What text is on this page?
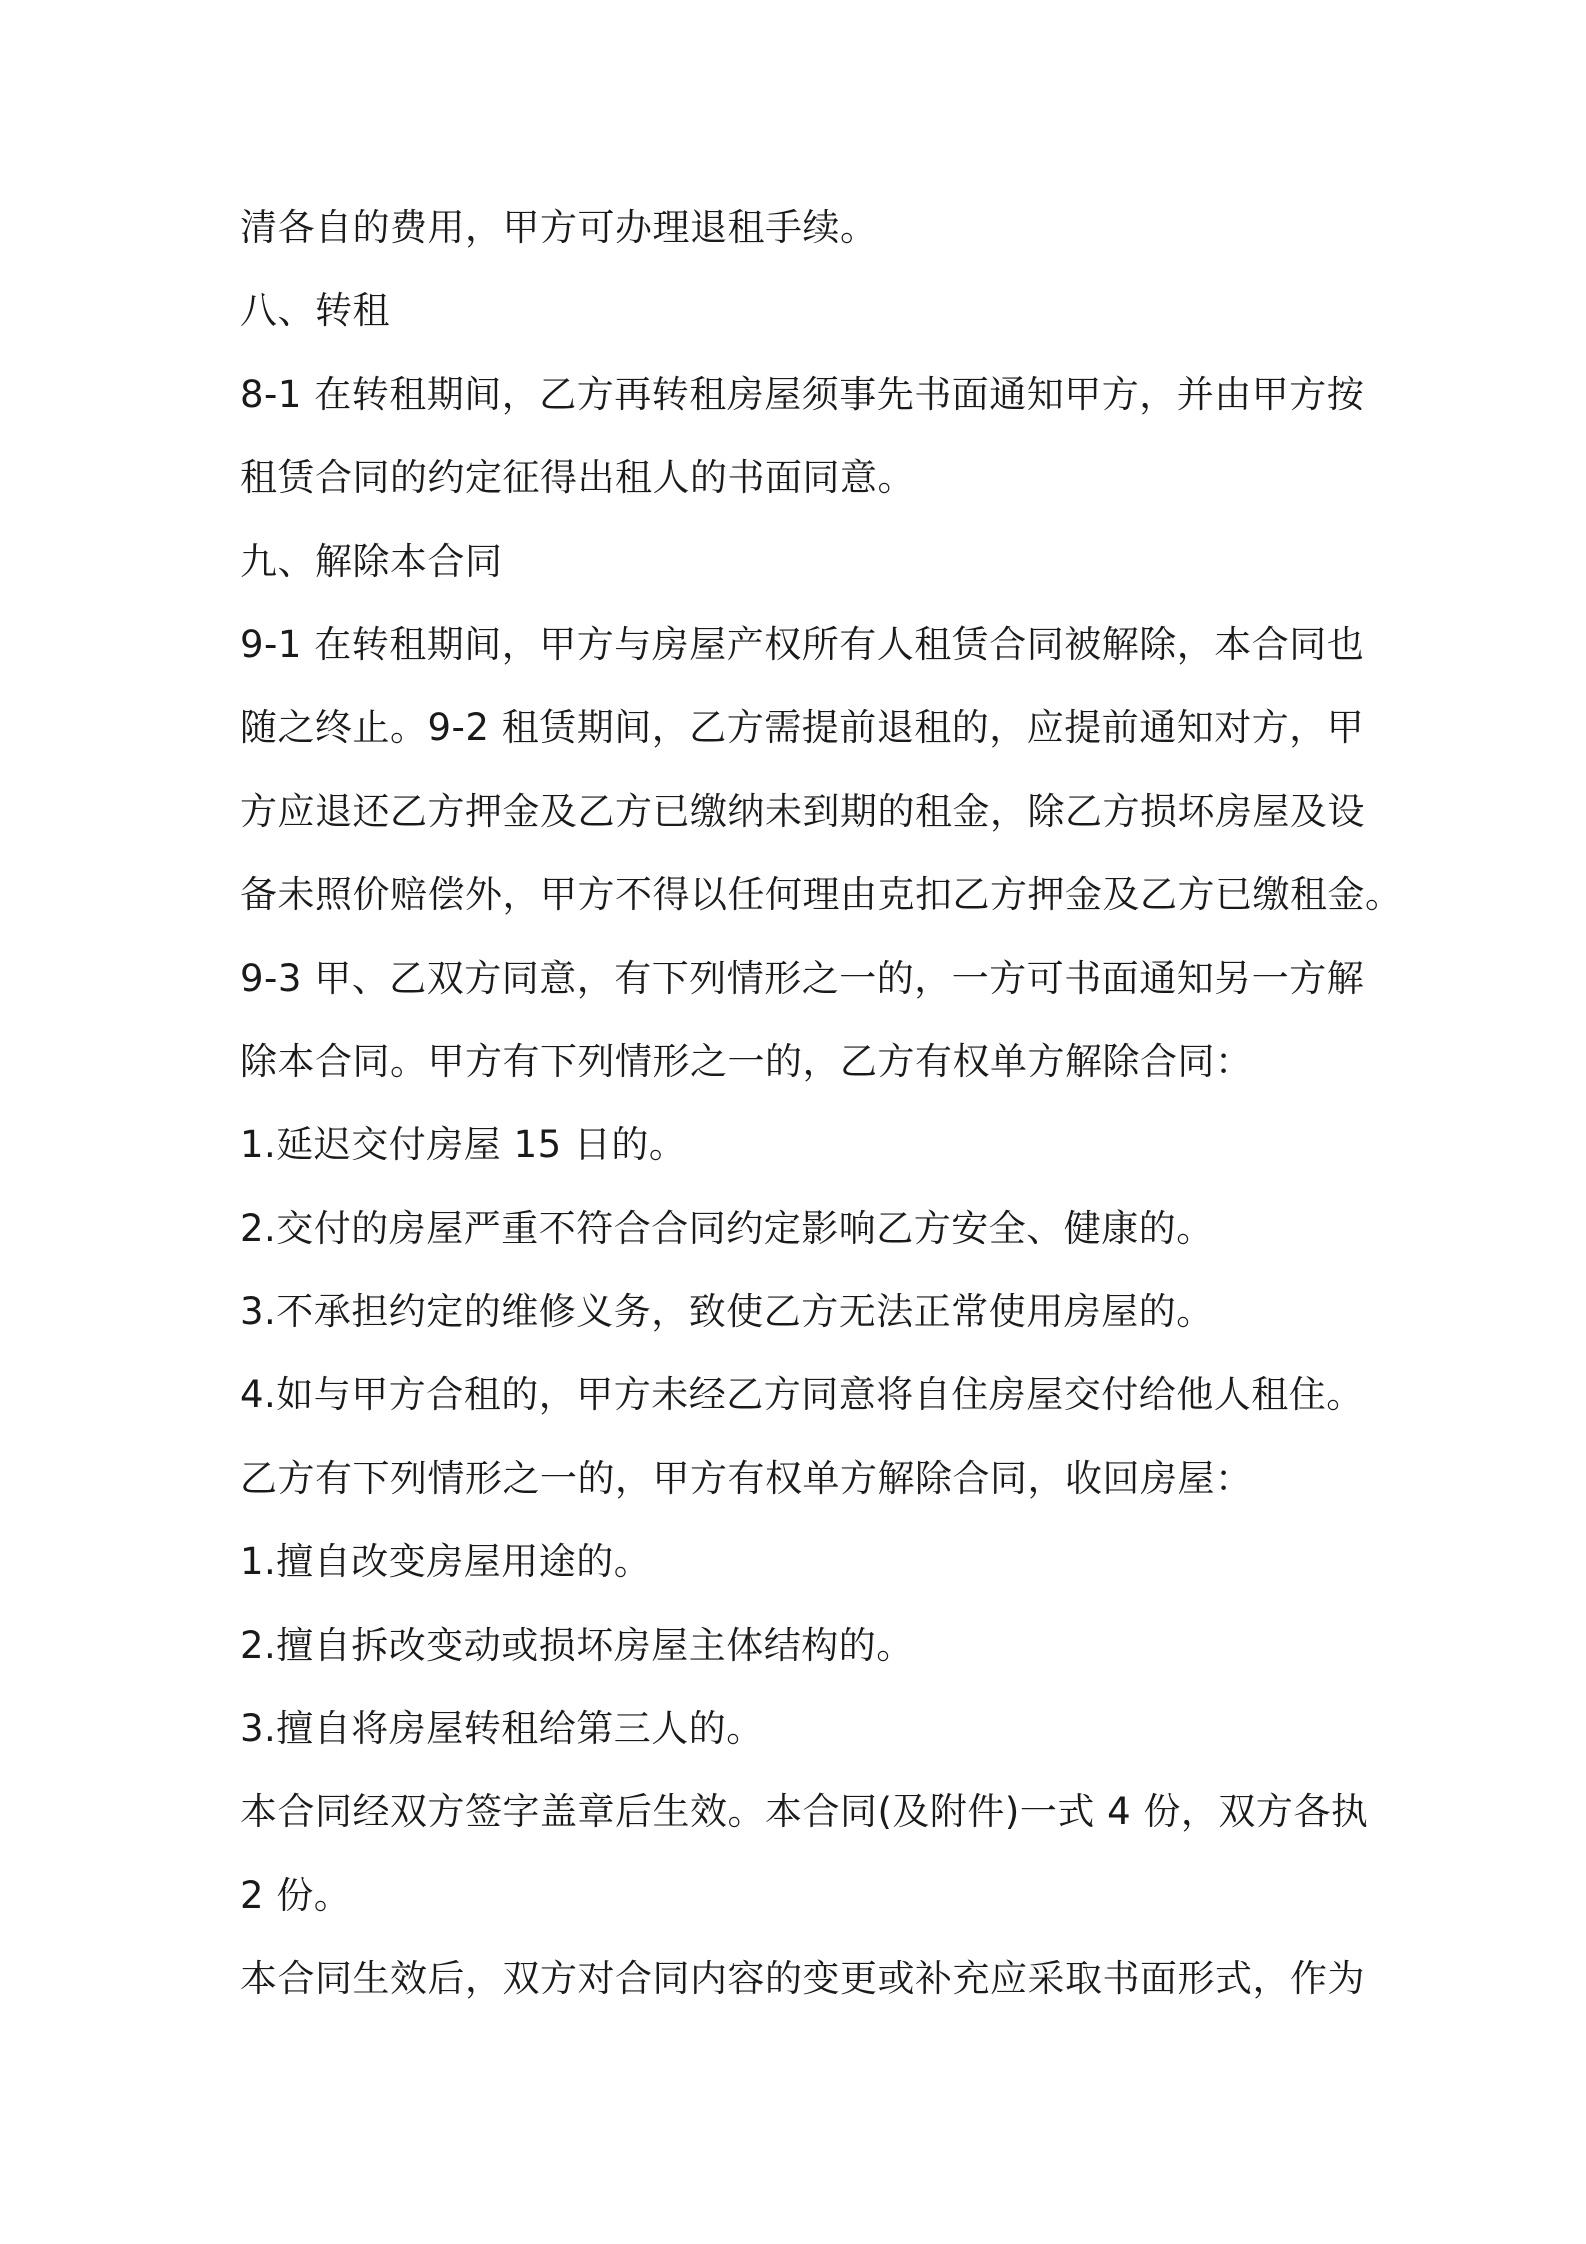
清各自的费用，甲方可办理退租手续。
八、转租
8-1 在转租期间，乙方再转租房屋须事先书面通知甲方，并由甲方按
租赁合同的约定征得出租人的书面同意。
九、解除本合同
9-1 在转租期间，甲方与房屋产权所有人租赁合同被解除，本合同也
随之终止。9-2 租赁期间，乙方需提前退租的，应提前通知对方，甲
方应退还乙方押金及乙方已缴纳未到期的租金，除乙方损坏房屋及设
备未照价赔偿外，甲方不得以任何理由克扣乙方押金及乙方已缴租金。
9-3 甲、乙双方同意，有下列情形之一的，一方可书面通知另一方解
除本合同。甲方有下列情形之一的，乙方有权单方解除合同：
1.延迟交付房屋 15 日的。
2.交付的房屋严重不符合合同约定影响乙方安全、健康的。
3.不承担约定的维修义务，致使乙方无法正常使用房屋的。
4.如与甲方合租的，甲方未经乙方同意将自住房屋交付给他人租住。
乙方有下列情形之一的，甲方有权单方解除合同，收回房屋：
1.擅自改变房屋用途的。
2.擅自拆改变动或损坏房屋主体结构的。
3.擅自将房屋转租给第三人的。
本合同经双方签字盖章后生效。本合同(及附件)一式 4 份，双方各执
2 份。
本合同生效后，双方对合同内容的变更或补充应采取书面形式，作为
